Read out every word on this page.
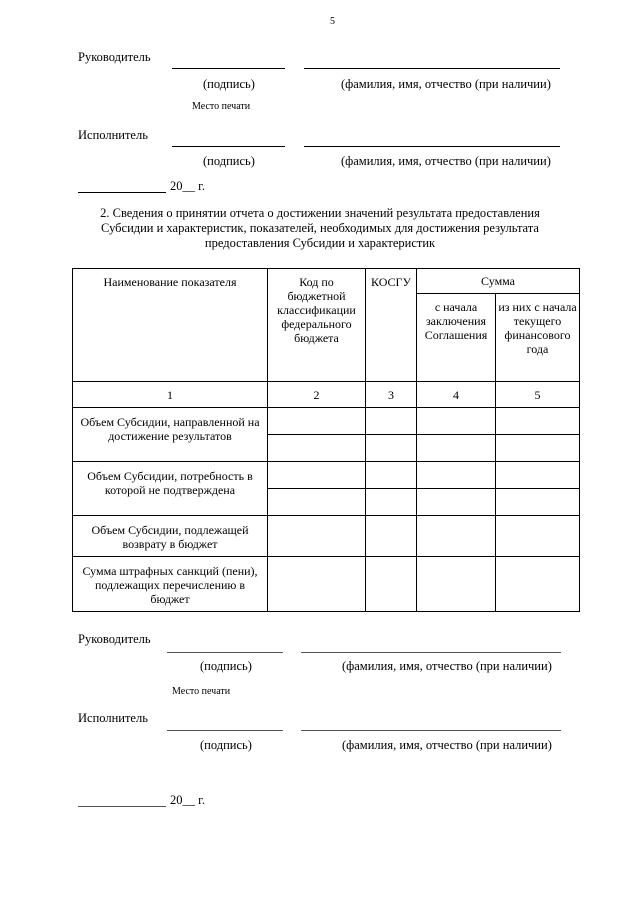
5
Руководитель
(подпись)	(фамилия, имя, отчество (при наличии)
Место печати
Исполнитель
(подпись)	(фамилия, имя, отчество (при наличии)
20__ г.
2. Сведения о принятии отчета о достижении значений результата предоставления Субсидии и характеристик, показателей, необходимых для достижения результата предоставления Субсидии и характеристик
Наименование показателя	Код по бюджетной классификации федерального бюджета	КОСГУ	Сумма	
			с начала заключения Соглашения	из них с начала текущего финансового года
1	2	3	4	5
Объем Субсидии, направленной на достижение результатов				

Объем Субсидии, потребность в которой не подтверждена				

Объем Субсидии, подлежащей возврату в бюджет				
Сумма штрафных санкций (пени), подлежащих перечислению в бюджет				
Руководитель
(подпись)	(фамилия, имя, отчество (при наличии)
Место печати
Исполнитель
(подпись)	(фамилия, имя, отчество (при наличии)
20__ г.
